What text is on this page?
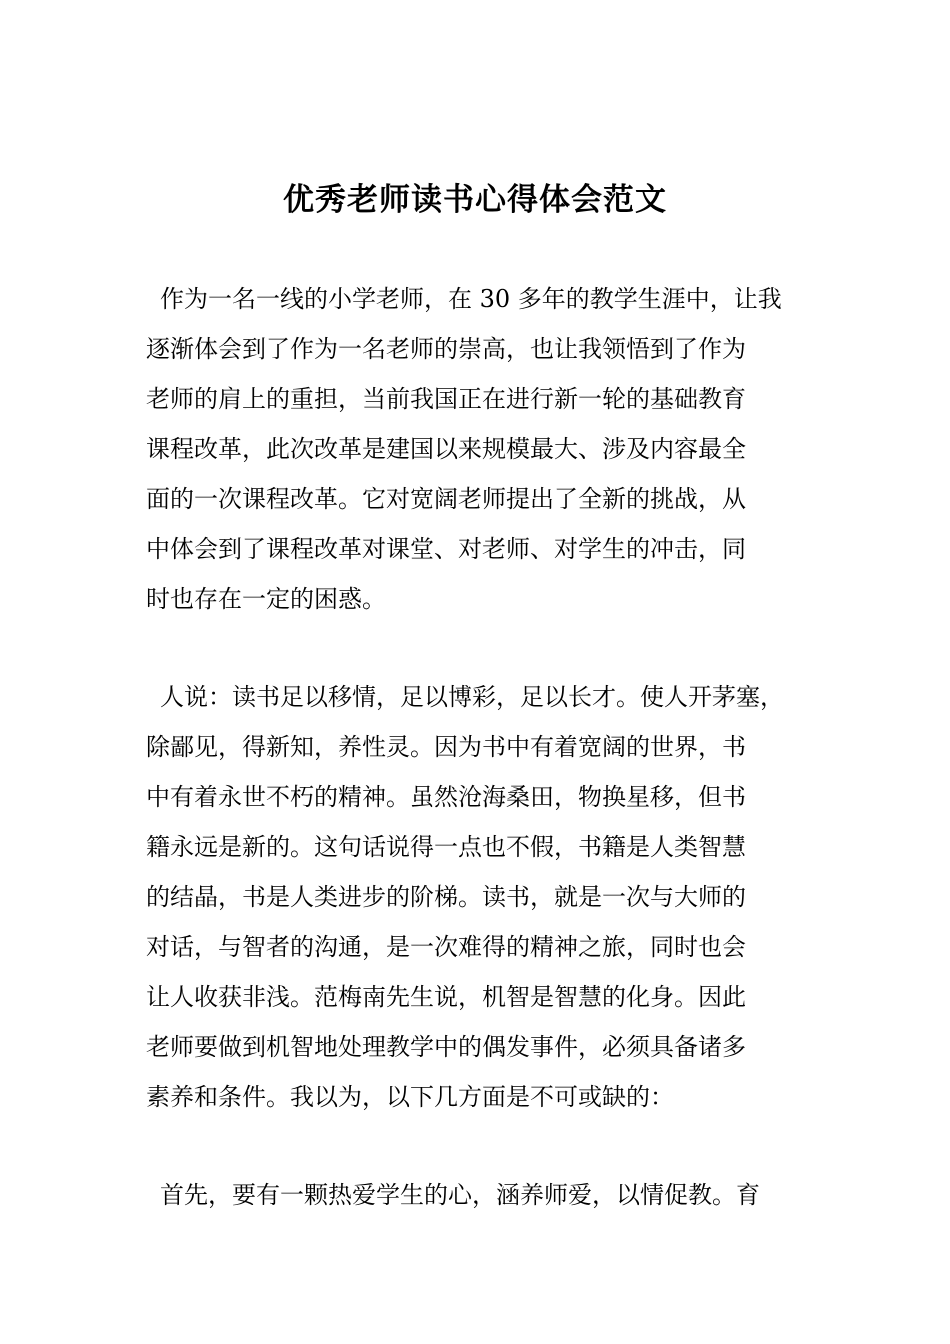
优秀老师读书心得体会范文
作为一名一线的小学老师，在 30 多年的教学生涯中，让我
逐渐体会到了作为一名老师的崇高，也让我领悟到了作为
老师的肩上的重担，当前我国正在进行新一轮的基础教育
课程改革，此次改革是建国以来规模最大、涉及内容最全
面的一次课程改革。它对宽阔老师提出了全新的挑战，从
中体会到了课程改革对课堂、对老师、对学生的冲击，同
时也存在一定的困惑。
人说：读书足以移情，足以博彩，足以长才。使人开茅塞，
除鄙见，得新知，养性灵。因为书中有着宽阔的世界，书
中有着永世不朽的精神。虽然沧海桑田，物换星移，但书
籍永远是新的。这句话说得一点也不假，书籍是人类智慧
的结晶，书是人类进步的阶梯。读书，就是一次与大师的
对话，与智者的沟通，是一次难得的精神之旅，同时也会
让人收获非浅。范梅南先生说，机智是智慧的化身。因此
老师要做到机智地处理教学中的偶发事件，必须具备诸多
素养和条件。我以为，以下几方面是不可或缺的：
首先，要有一颗热爱学生的心，涵养师爱，以情促教。育
